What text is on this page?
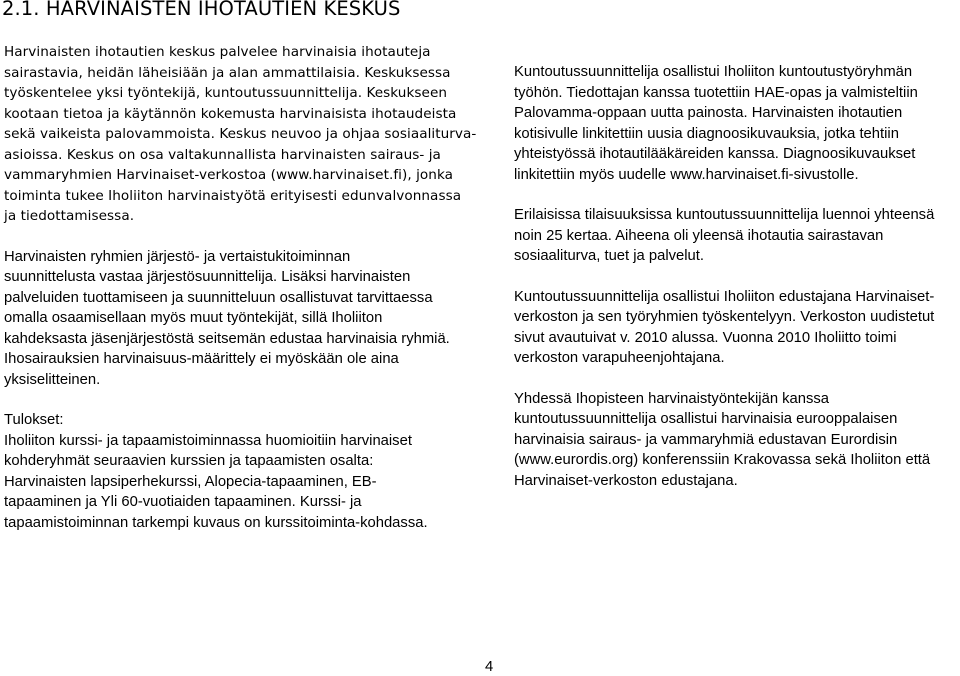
2.1. HARVINAISTEN IHOTAUTIEN KESKUS

Harvinaisten ihotautien keskus palvelee harvinaisia ihotauteja
sairastavia, heidän läheisiään ja alan ammattilaisia. Keskuksessa
työskentelee yksi työntekijä, kuntoutussuunnittelija. Keskukseen
kootaan tietoa ja käytännön kokemusta harvinaisista ihotaudeista
sekä vaikeista palovammoista. Keskus neuvoo ja ohjaa sosiaaliturva-
asioissa. Keskus on osa valtakunnallista harvinaisten sairaus- ja
vammaryhmien Harvinaiset-verkostoa (www.harvinaiset.fi), jonka
toiminta tukee Iholiiton harvinaistyötä erityisesti edunvalvonnassa
ja tiedottamisessa.

Harvinaisten ryhmien järjestö- ja vertaistukitoiminnan
suunnittelusta vastaa järjestösuunnittelija. Lisäksi harvinaisten
palveluiden tuottamiseen ja suunnitteluun osallistuvat tarvittaessa
omalla osaamisellaan myös muut työntekijät, sillä Iholiiton
kahdeksasta jäsenjärjestöstä seitsemän edustaa harvinaisia ryhmiä.
Ihosairauksien harvinaisuus-määrittely ei myöskään ole aina
yksiselitteinen.

Tulokset:
Iholiiton kurssi- ja tapaamistoiminnassa huomioitiin harvinaiset
kohderyhmät seuraavien kurssien ja tapaamisten osalta:
Harvinaisten lapsiperhekurssi, Alopecia-tapaaminen, EB-
tapaaminen ja Yli 60-vuotiaiden tapaaminen. Kurssi- ja
tapaamistoiminnan tarkempi kuvaus on kurssitoiminta-kohdassa.

Kuntoutussuunnittelija osallistui Iholiiton kuntoutustyöryhmän
työhön. Tiedottajan kanssa tuotettiin HAE-opas ja valmisteltiin
Palovamma-oppaan uutta painosta. Harvinaisten ihotautien
kotisivulle linkitettiin uusia diagnoosikuvauksia, jotka tehtiin
yhteistyössä ihotautilääkäreiden kanssa. Diagnoosikuvaukset
linkitettiin myös uudelle www.harvinaiset.fi-sivustolle.

Erilaisissa tilaisuuksissa kuntoutussuunnittelija luennoi yhteensä
noin 25 kertaa. Aiheena oli yleensä ihotautia sairastavan
sosiaaliturva, tuet ja palvelut.

Kuntoutussuunnittelija osallistui Iholiiton edustajana Harvinaiset-
verkoston ja sen työryhmien työskentelyyn. Verkoston uudistetut
sivut avautuivat v. 2010 alussa. Vuonna 2010 Iholiitto toimi
verkoston varapuheenjohtajana.

Yhdessä Ihopisteen harvinaistyöntekijän kanssa
kuntoutussuunnittelija osallistui harvinaisia eurooppalaisen
harvinaisia sairaus- ja vammaryhmiä edustavan Eurordisin
(www.eurordis.org) konferenssiin Krakovassa sekä Iholiiton että
Harvinaiset-verkoston edustajana.

4
